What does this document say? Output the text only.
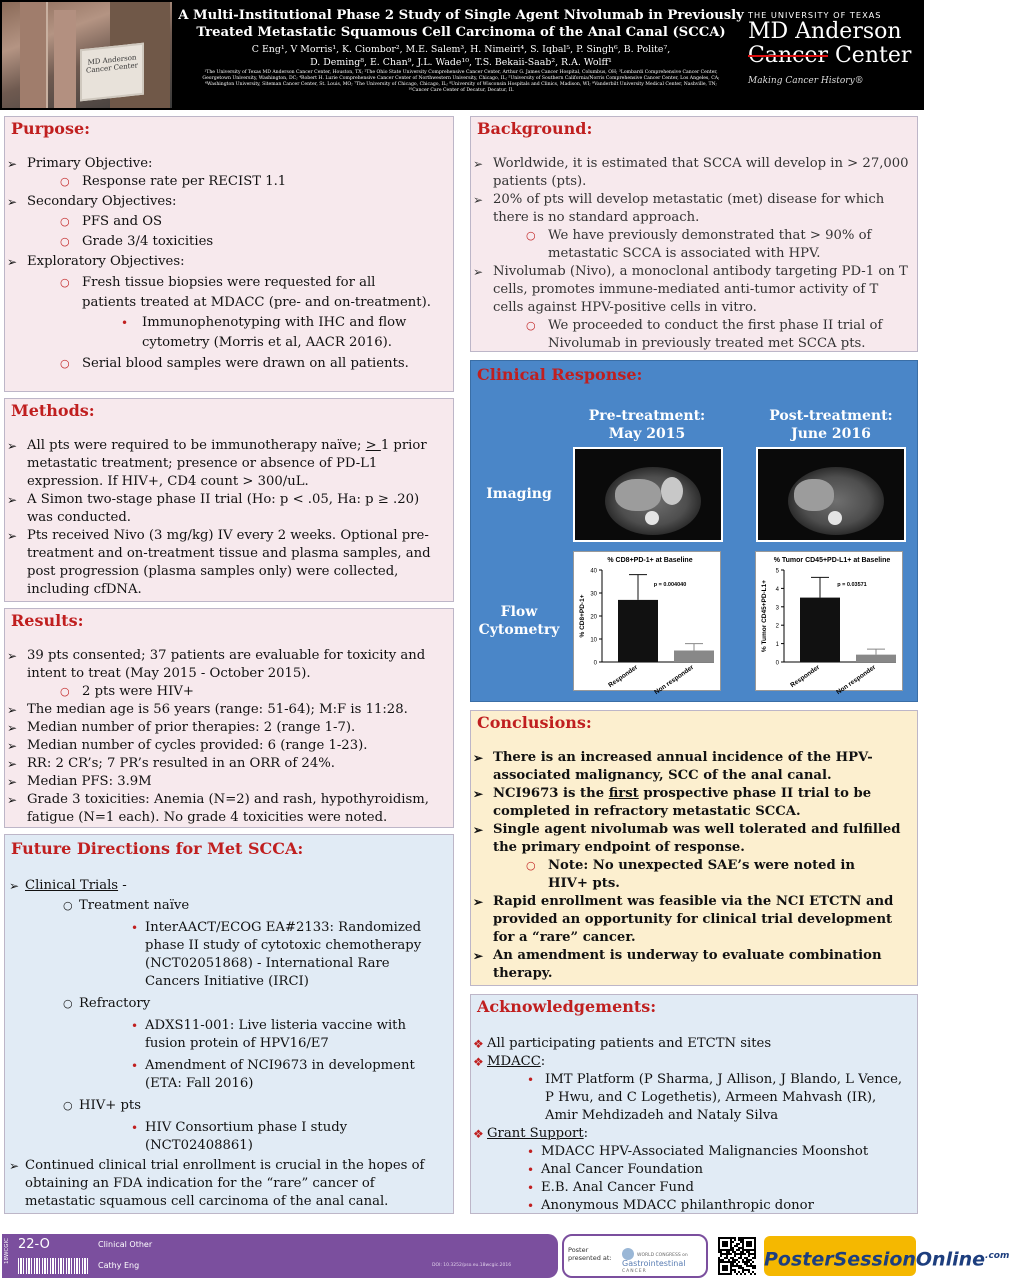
MD Anderson Cancer Center
A Multi-Institutional Phase 2 Study of Single Agent Nivolumab in Previously
Treated Metastatic Squamous Cell Carcinoma of the Anal Canal (SCCA)
C Eng¹, V Morris¹, K. Ciombor², M.E. Salem³, H. Nimeiri⁴, S. Iqbal⁵, P. Singh⁶, B. Polite⁷,
D. Deming⁸, E. Chan⁹, J.L. Wade¹⁰, T.S. Bekaii-Saab², R.A. Wolff¹
¹The University of Texas MD Anderson Cancer Center, Houston, TX; ²The Ohio State University Comprehensive Cancer Center, Arthur G. James Cancer Hospital, Columbus, OH; ³Lombardi Comprehensive Cancer Center,
Georgetown University, Washington, DC; ⁴Robert H. Lurie Comprehensive Cancer Center of Northwestern University, Chicago, IL; ⁵University of Southern California/Norris Comprehensive Cancer Center, Los Angeles, CA;
⁶Washington University, Siteman Cancer Center, St. Louis, MO; ⁷The University of Chicago, Chicago, IL; ⁸University of Wisconsin Hospitals and Clinics, Madison, WI; ⁹Vanderbilt University Medical Center, Nashville, TN;
¹⁰Cancer Care Center of Decatur, Decatur, IL
THE UNIVERSITY OF TEXAS
MD Anderson
Cancer Center
Making Cancer History®
Purpose:
➢ Primary Objective:
○ Response rate per RECIST 1.1
➢ Secondary Objectives:
○ PFS and OS
○ Grade 3/4 toxicities
➢ Exploratory Objectives:
○ Fresh tissue biopsies were requested for all patients treated at MDACC (pre- and on-treatment).
• Immunophenotyping with IHC and flow cytometry (Morris et al, AACR 2016).
○ Serial blood samples were drawn on all patients.
Methods:
➢ All pts were required to be immunotherapy naïve; > 1 prior metastatic treatment; presence or absence of PD-L1 expression. If HIV+, CD4 count > 300/uL.
➢ A Simon two-stage phase II trial (Ho: p < .05, Ha: p ≥ .20) was conducted.
➢ Pts received Nivo (3 mg/kg) IV every 2 weeks. Optional pre-treatment and on-treatment tissue and plasma samples, and post progression (plasma samples only) were collected, including cfDNA.
Results:
➢ 39 pts consented; 37 patients are evaluable for toxicity and intent to treat (May 2015 - October 2015).
○ 2 pts were HIV+
➢ The median age is 56 years (range: 51-64); M:F is 11:28.
➢ Median number of prior therapies: 2 (range 1-7).
➢ Median number of cycles provided: 6 (range 1-23).
➢ RR: 2 CR’s; 7 PR’s resulted in an ORR of 24%.
➢ Median PFS: 3.9M
➢ Grade 3 toxicities: Anemia (N=2) and rash, hypothyroidism, fatigue (N=1 each). No grade 4 toxicities were noted.
Future Directions for Met SCCA:
➢ Clinical Trials -
○ Treatment naïve
• InterAACT/ECOG EA#2133: Randomized phase II study of cytotoxic chemotherapy (NCT02051868) - International Rare Cancers Initiative (IRCI)
○ Refractory
• ADXS11-001: Live listeria vaccine with fusion protein of HPV16/E7
• Amendment of NCI9673 in development (ETA: Fall 2016)
○ HIV+ pts
• HIV Consortium phase I study (NCT02408861)
➢ Continued clinical trial enrollment is crucial in the hopes of obtaining an FDA indication for the “rare” cancer of metastatic squamous cell carcinoma of the anal canal.
Background:
➢ Worldwide, it is estimated that SCCA will develop in > 27,000 patients (pts).
➢ 20% of pts will develop metastatic (met) disease for which there is no standard approach.
○ We have previously demonstrated that > 90% of metastatic SCCA is associated with HPV.
➢ Nivolumab (Nivo), a monoclonal antibody targeting PD-1 on T cells, promotes immune-mediated anti-tumor activity of T cells against HPV-positive cells in vitro.
○ We proceeded to conduct the first phase II trial of Nivolumab in previously treated met SCCA pts.
Clinical Response:
Pre-treatment:
May 2015
Post-treatment:
June 2016
Imaging
Flow
Cytometry
% CD8+PD-1+ at Baseline
0
10
20
30
40
% CD8+PD-1+
Responder Non responder
p = 0.004040
% Tumor CD45+PD-L1+ at Baseline
0
1
2
3
4
5
% Tumor CD45+PD-L1+
Responder Non responder
p = 0.03571
Conclusions:
➢ There is an increased annual incidence of the HPV-associated malignancy, SCC of the anal canal.
➢ NCI9673 is the first prospective phase II trial to be completed in refractory metastatic SCCA.
➢ Single agent nivolumab was well tolerated and fulfilled the primary endpoint of response.
○ Note: No unexpected SAE’s were noted in HIV+ pts.
➢ Rapid enrollment was feasible via the NCI ETCTN and provided an opportunity for clinical trial development for a “rare” cancer.
➢ An amendment is underway to evaluate combination therapy.
Acknowledgements:
❖ All participating patients and ETCTN sites
❖ MDACC:
• IMT Platform (P Sharma, J Allison, J Blando, L Vence, P Hwu, and C Logethetis), Armeen Mahvash (IR), Amir Mehdizadeh and Nataly Silva
❖ Grant Support:
• MDACC HPV-Associated Malignancies Moonshot
• Anal Cancer Foundation
• E.B. Anal Cancer Fund
• Anonymous MDACC philanthropic donor
18WCGIC 22-O	Clinical Other
Cathy Eng	DOI: 10.3252/pso.eu.18wcgic.2016
Poster
presented at:	WORLD CONGRESS on
Gastrointestinal
CANCER
PosterSessionOnline$^{.com}$
